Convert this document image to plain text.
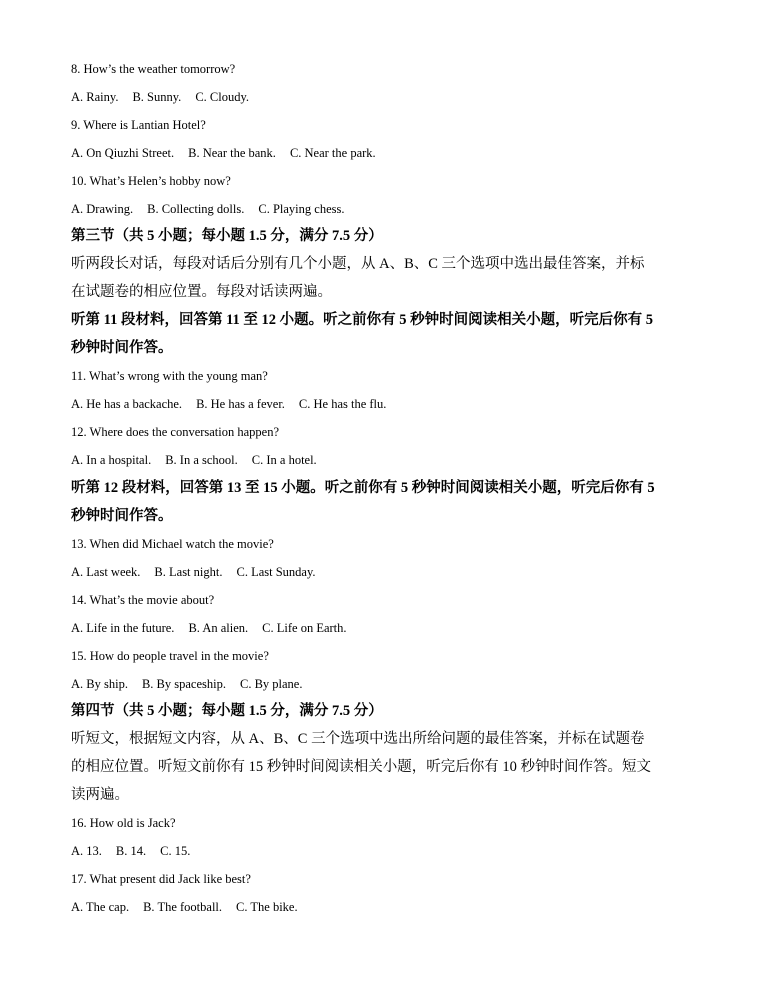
8. How’s the weather tomorrow?
A. Rainy. B. Sunny. C. Cloudy.
9. Where is Lantian Hotel?
A. On Qiuzhi Street. B. Near the bank. C. Near the park.
10. What’s Helen’s hobby now?
A. Drawing. B. Collecting dolls. C. Playing chess.
第三节（共 5 小题；每小题 1.5 分，满分 7.5 分）
听两段长对话，每段对话后分别有几个小题，从 A、B、C 三个选项中选出最佳答案，并标
在试题卷的相应位置。每段对话读两遍。
听第 11 段材料，回答第 11 至 12 小题。听之前你有 5 秒钟时间阅读相关小题，听完后你有 5
秒钟时间作答。
11. What’s wrong with the young man?
A. He has a backache. B. He has a fever. C. He has the flu.
12. Where does the conversation happen?
A. In a hospital. B. In a school. C. In a hotel.
听第 12 段材料，回答第 13 至 15 小题。听之前你有 5 秒钟时间阅读相关小题，听完后你有 5
秒钟时间作答。
13. When did Michael watch the movie?
A. Last week. B. Last night. C. Last Sunday.
14. What’s the movie about?
A. Life in the future. B. An alien. C. Life on Earth.
15. How do people travel in the movie?
A. By ship. B. By spaceship. C. By plane.
第四节（共 5 小题；每小题 1.5 分，满分 7.5 分）
听短文，根据短文内容，从 A、B、C 三个选项中选出所给问题的最佳答案，并标在试题卷
的相应位置。听短文前你有 15 秒钟时间阅读相关小题，听完后你有 10 秒钟时间作答。短文
读两遍。
16. How old is Jack?
A. 13. B. 14. C. 15.
17. What present did Jack like best?
A. The cap. B. The football. C. The bike.
